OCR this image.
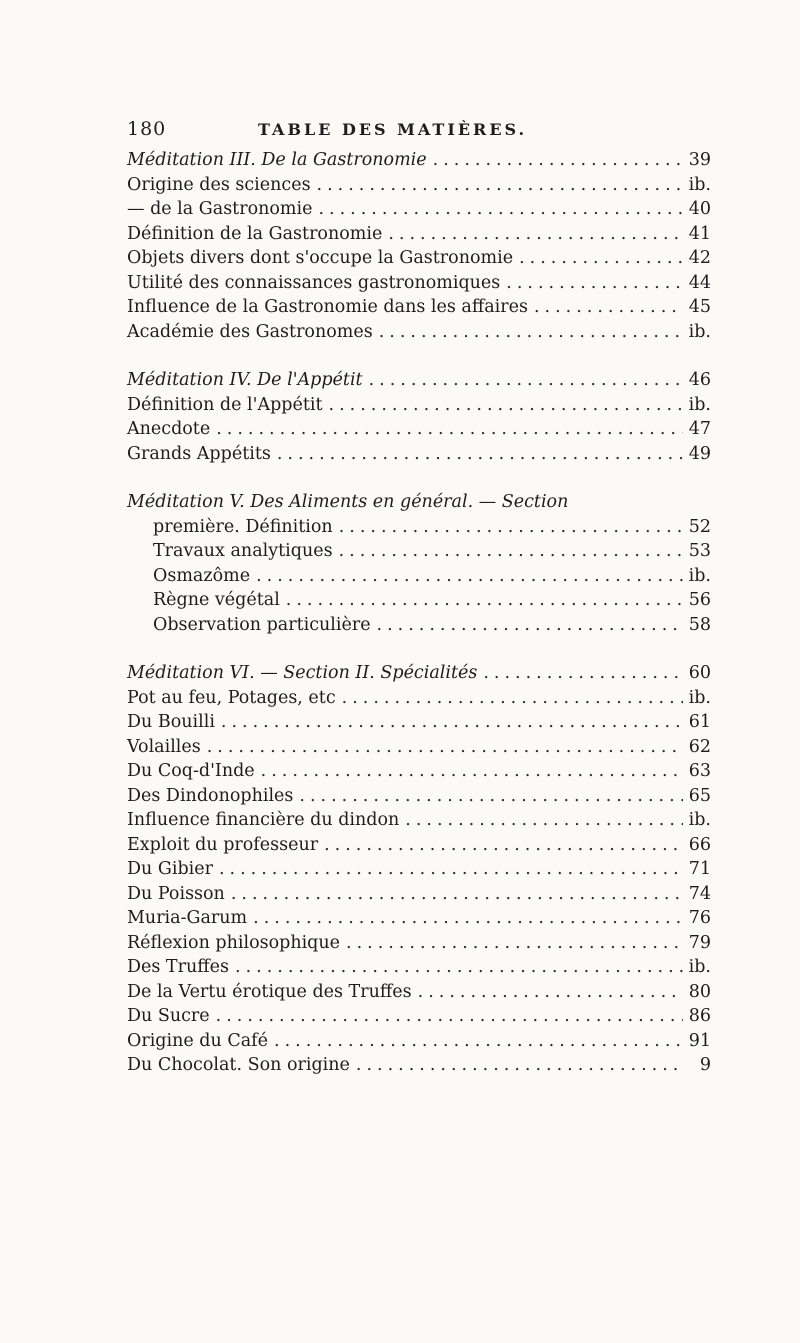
180	TABLE DES MATIÈRES.
Méditation III. De la Gastronomie .....	39
Origine des sciences .....	ib.
— de la Gastronomie .....	40
Définition de la Gastronomie .....	41
Objets divers dont s'occupe la Gastronomie .....	42
Utilité des connaissances gastronomiques .....	44
Influence de la Gastronomie dans les affaires .....	45
Académie des Gastronomes .....	ib.
Méditation IV. De l'Appétit .....	46
Définition de l'Appétit .....	ib.
Anecdote .....	47
Grands Appétits .....	49
Méditation V. Des Aliments en général. — Section
première. Définition .....	52
Travaux analytiques .....	53
Osmazôme .....	ib.
Règne végétal .....	56
Observation particulière .....	58
Méditation VI. — Section II. Spécialités .....	60
Pot au feu, Potages, etc .....	ib.
Du Bouilli .....	61
Volailles .....	62
Du Coq-d'Inde .....	63
Des Dindonophiles .....	65
Influence financière du dindon .....	ib.
Exploit du professeur .....	66
Du Gibier .....	71
Du Poisson .....	74
Muria-Garum .....	76
Réflexion philosophique .....	79
Des Truffes .....	ib.
De la Vertu érotique des Truffes .....	80
Du Sucre .....	86
Origine du Café .....	91
Du Chocolat. Son origine .....	9
